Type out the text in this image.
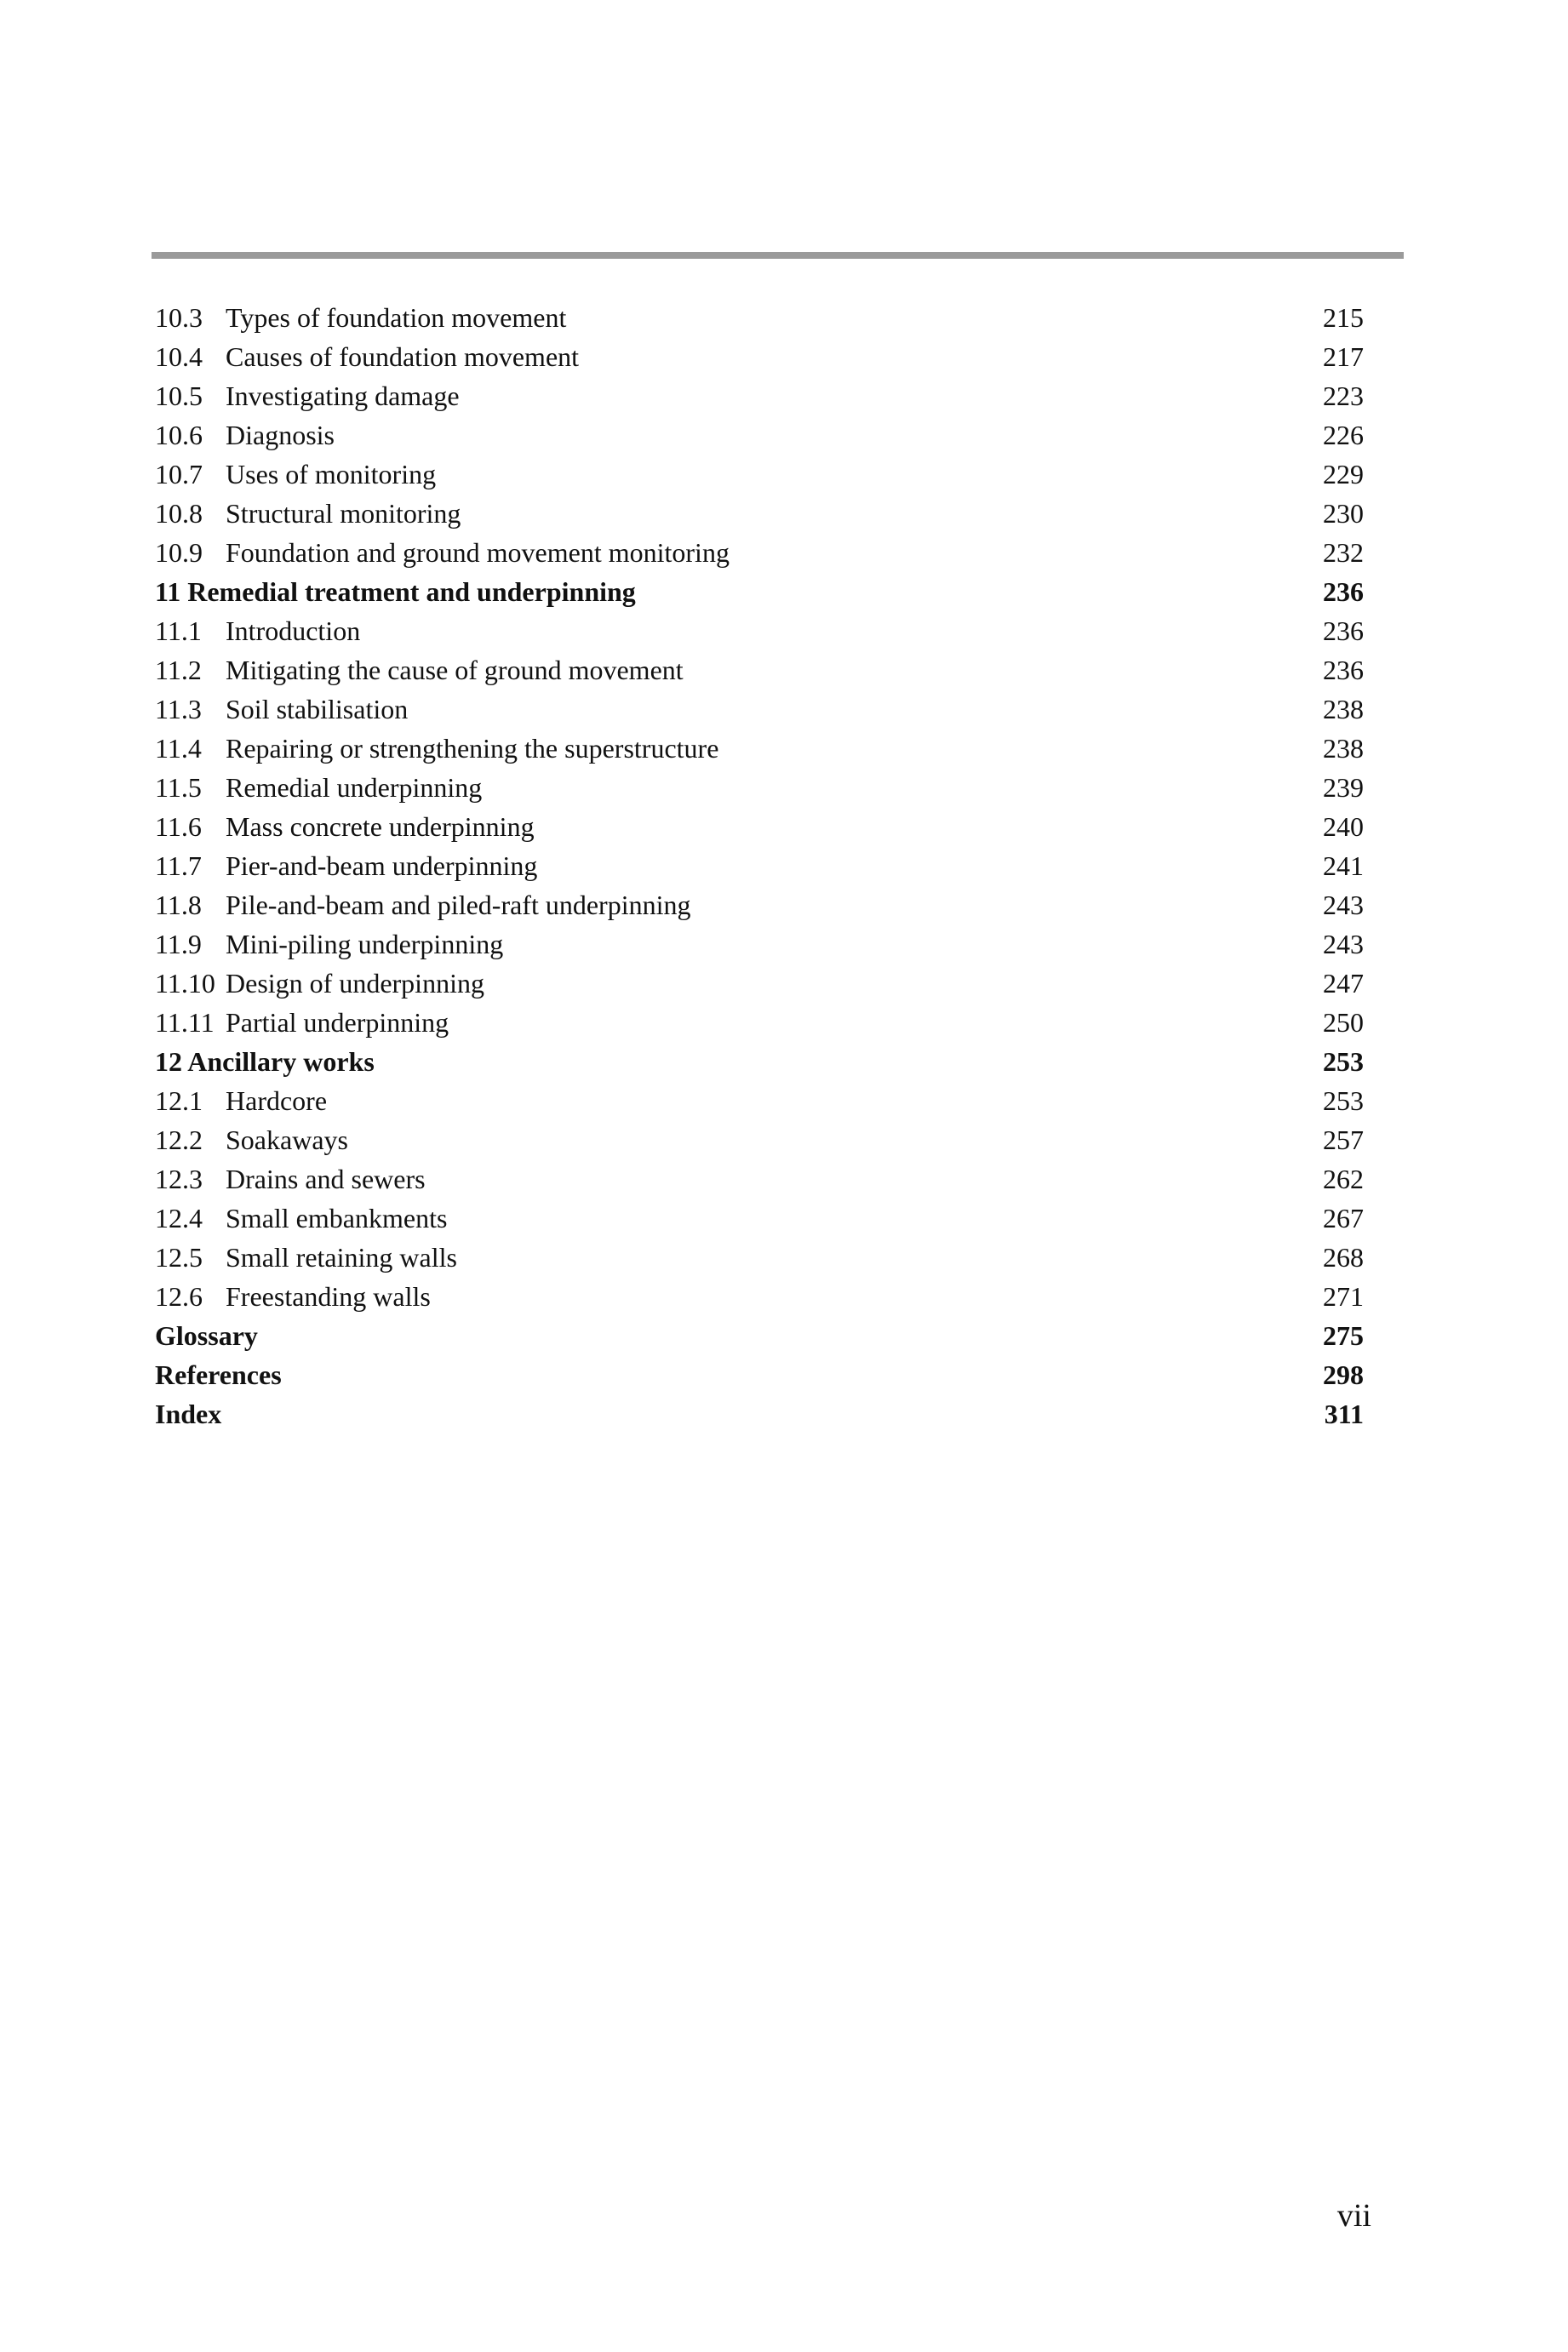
10.3 Types of foundation movement	215
10.4 Causes of foundation movement	217
10.5 Investigating damage	223
10.6 Diagnosis	226
10.7 Uses of monitoring	229
10.8 Structural monitoring	230
10.9 Foundation and ground movement monitoring	232
11 Remedial treatment and underpinning	236
11.1 Introduction	236
11.2 Mitigating the cause of ground movement	236
11.3 Soil stabilisation	238
11.4 Repairing or strengthening the superstructure	238
11.5 Remedial underpinning	239
11.6 Mass concrete underpinning	240
11.7 Pier-and-beam underpinning	241
11.8 Pile-and-beam and piled-raft underpinning	243
11.9 Mini-piling underpinning	243
11.10 Design of underpinning	247
11.11 Partial underpinning	250
12 Ancillary works	253
12.1 Hardcore	253
12.2 Soakaways	257
12.3 Drains and sewers	262
12.4 Small embankments	267
12.5 Small retaining walls	268
12.6 Freestanding walls	271
Glossary	275
References	298
Index	311
vii
